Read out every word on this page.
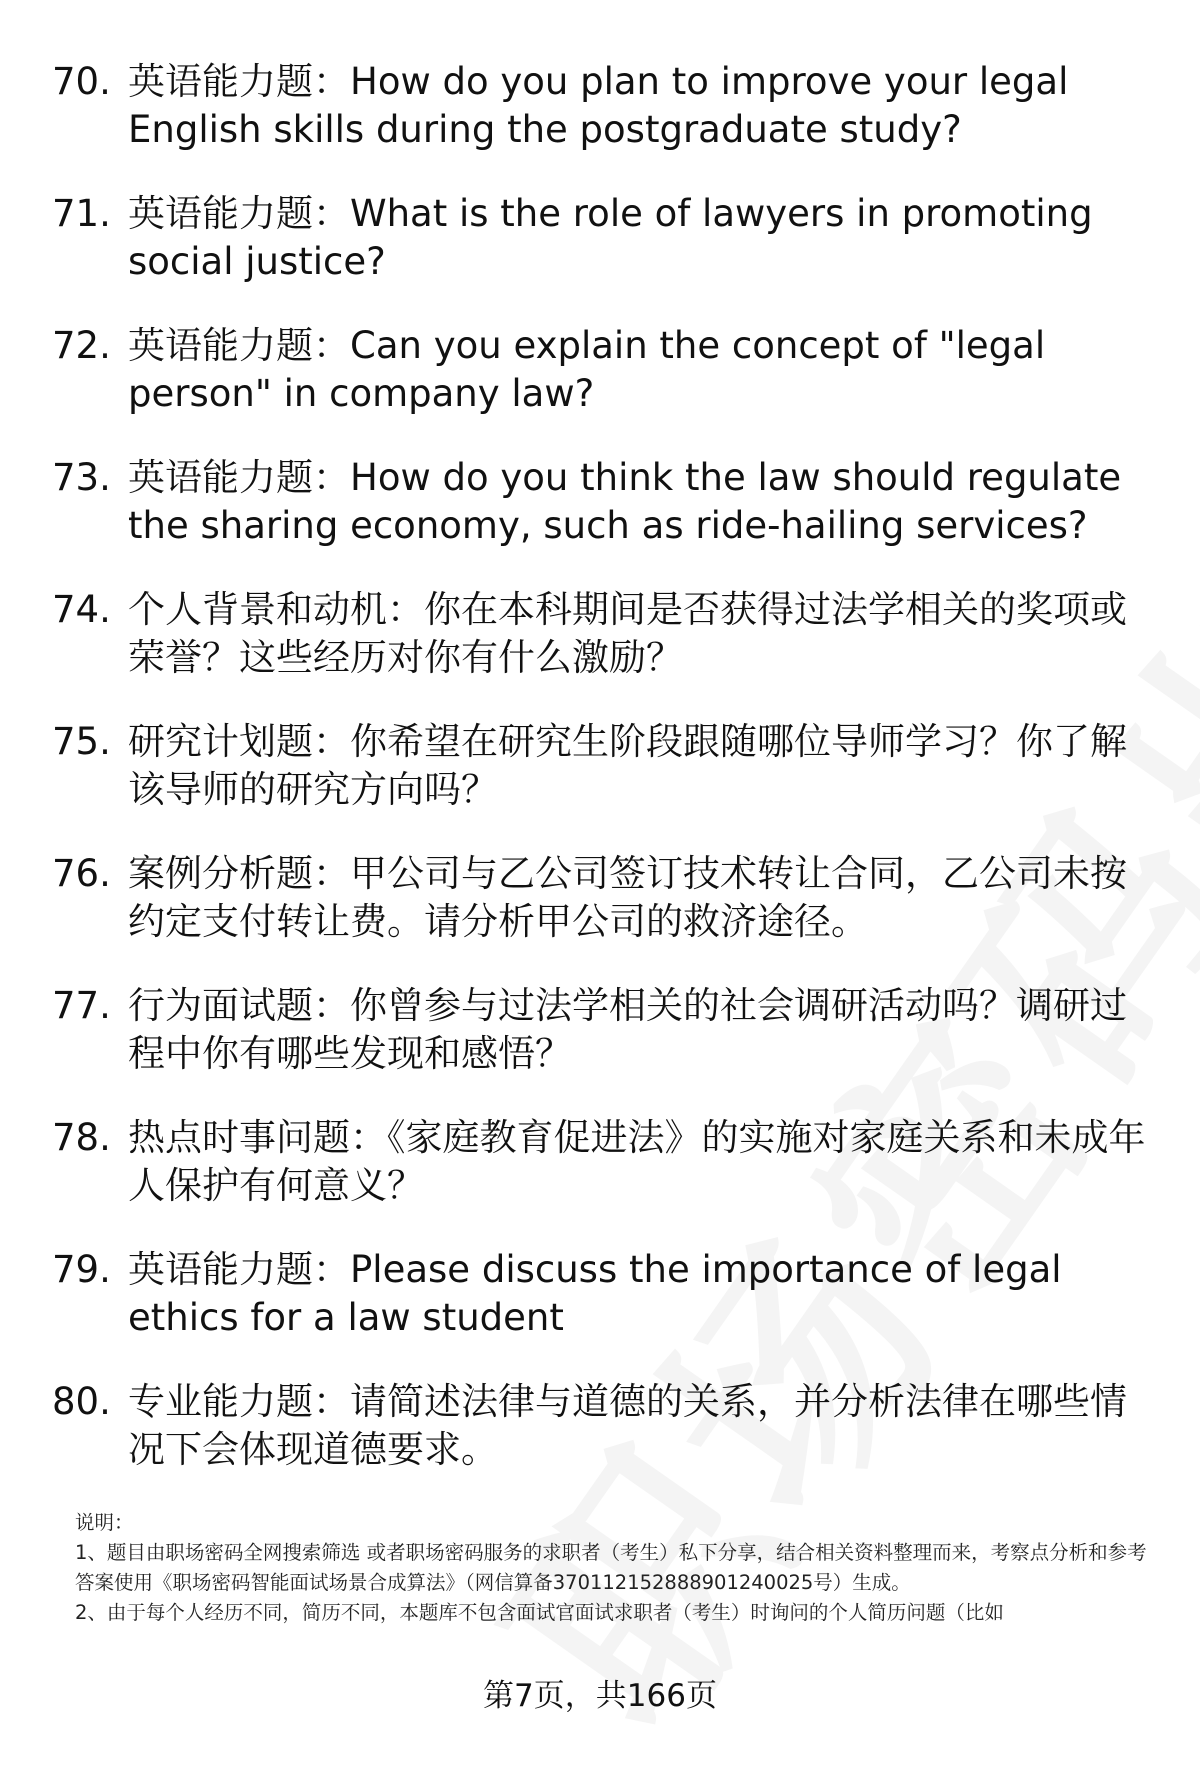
70. 英语能力题：How do you plan to improve your legal English skills during the postgraduate study?
71. 英语能力题：What is the role of lawyers in promoting social justice?
72. 英语能力题：Can you explain the concept of "legal person" in company law?
73. 英语能力题：How do you think the law should regulate the sharing economy, such as ride-hailing services?
74. 个人背景和动机：你在本科期间是否获得过法学相关的奖项或荣誉？这些经历对你有什么激励？
75. 研究计划题：你希望在研究生阶段跟随哪位导师学习？你了解该导师的研究方向吗？
76. 案例分析题：甲公司与乙公司签订技术转让合同，乙公司未按约定支付转让费。请分析甲公司的救济途径。
77. 行为面试题：你曾参与过法学相关的社会调研活动吗？调研过程中你有哪些发现和感悟？
78. 热点时事问题：《家庭教育促进法》的实施对家庭关系和未成年人保护有何意义？
79. 英语能力题：Please discuss the importance of legal ethics for a law student
80. 专业能力题：请简述法律与道德的关系，并分析法律在哪些情况下会体现道德要求。

说明：

1、题目由职场密码全网搜索筛选 或者职场密码服务的求职者（考生）私下分享，结合相关资料整理而来，考察点分析和参考答案使用《职场密码智能面试场景合成算法》（网信算备370112152888901240025号）生成。

2、由于每个人经历不同，简历不同，本题库不包含面试官面试求职者（考生）时询问的个人简历问题（比如

第7页，共166页
